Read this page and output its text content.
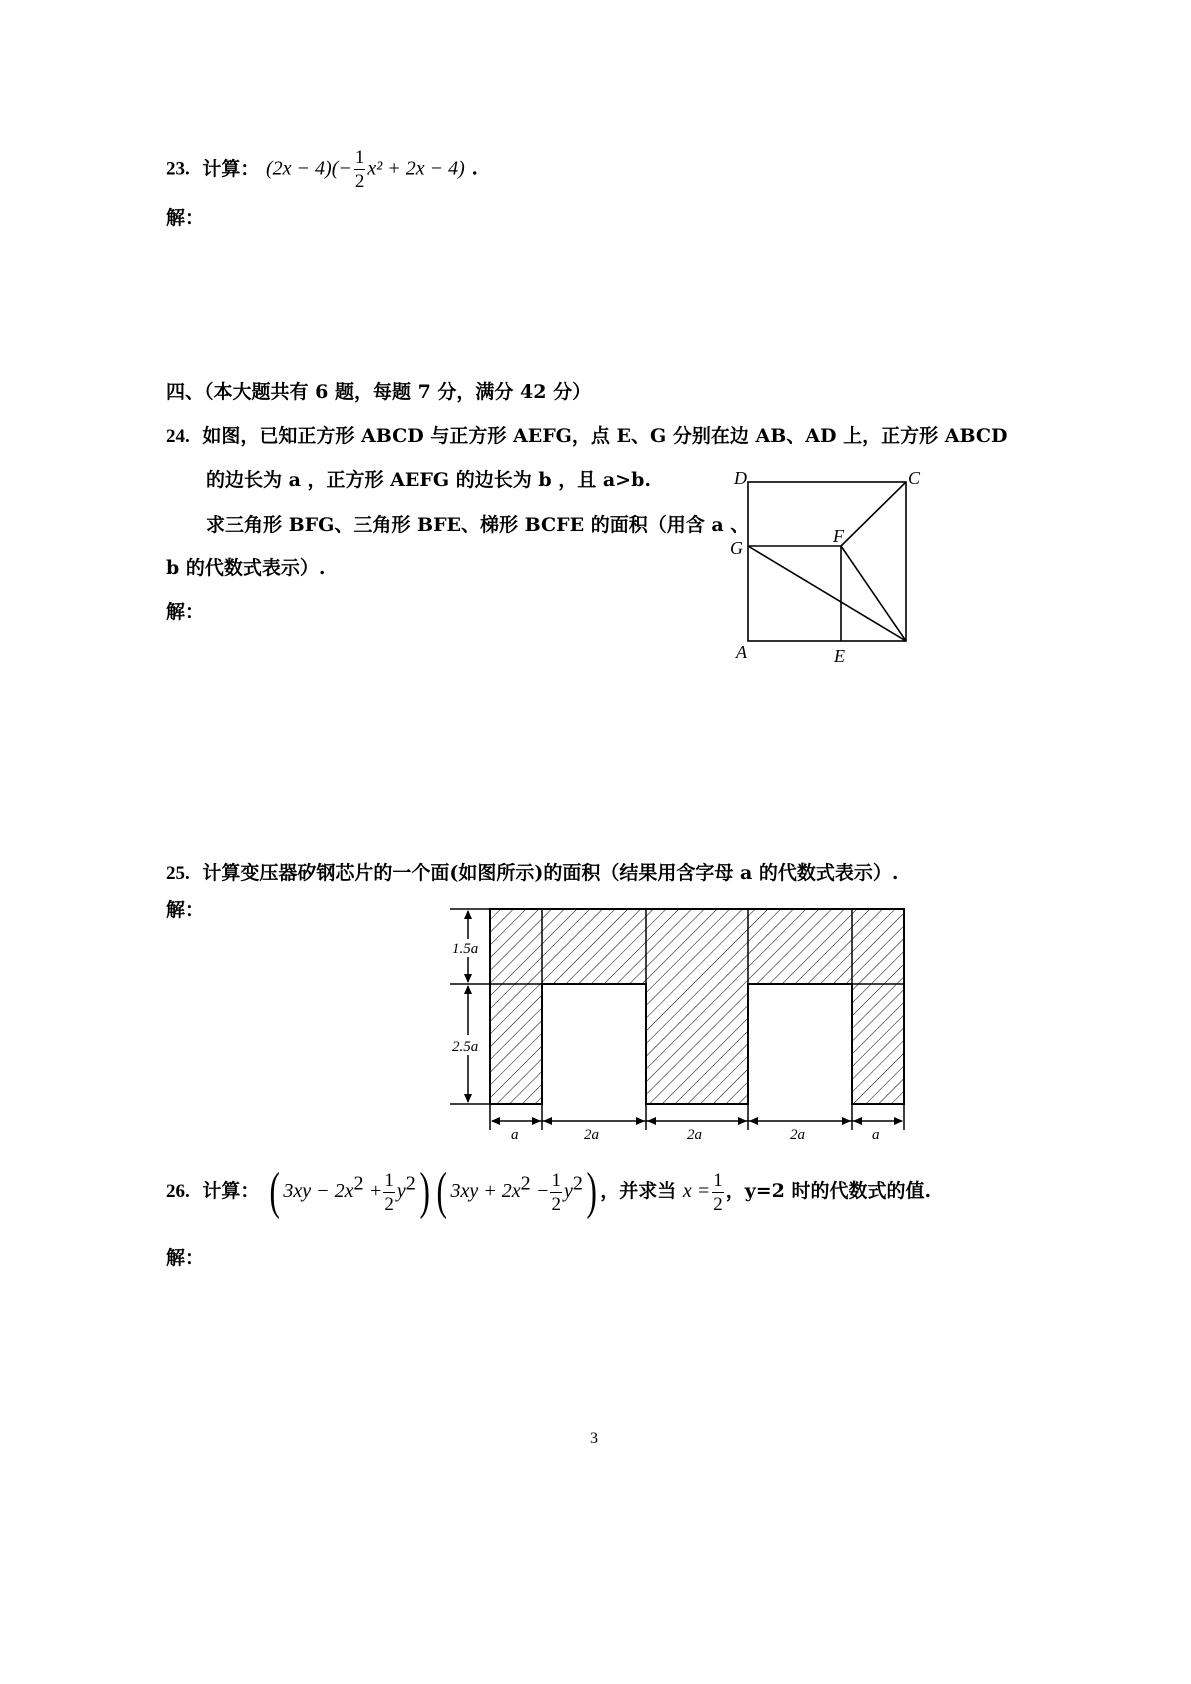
23. 计算： $(2x - 4)(- \frac{1}{2} x^2 + 2x - 4)$ .
解：
四、（本大题共有 6 题，每题 7 分，满分 42 分）
24. 如图，已知正方形 ABCD 与正方形 AEFG，点 E、G 分别在边 AB、AD 上，正方形 ABCD
的边长为 a ，正方形 AEFG 的边长为 b ，且 a>b.
求三角形 BFG、三角形 BFE、梯形 BCFE 的面积（用含 a 、
b 的代数式表示）.
解：
D	C
G
F
A	E
25. 计算变压器矽钢芯片的一个面(如图所示)的面积（结果用含字母 a 的代数式表示）.
解：
1.5a
2.5a
a	2a	2a	2a	a
26. 计算： ( $3xy - 2x^2 + \frac{1}{2} y^2$) ( $3xy + 2x^2 - \frac{1}{2} y^2$) ，并求当 $x = \frac{1}{2}$ ，y=2 时的代数式的值.
解：
3
